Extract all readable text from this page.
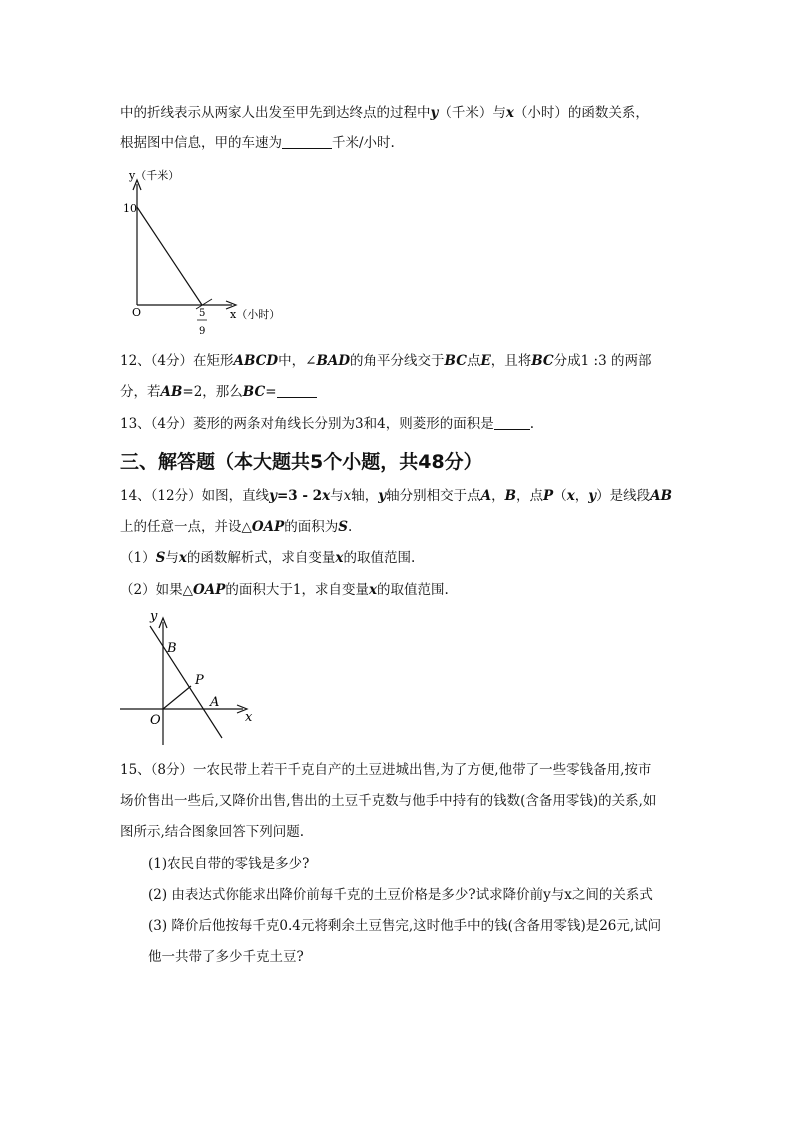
中的折线表示从两家人出发至甲先到达终点的过程中y（千米）与x（小时）的函数关系，
根据图中信息，甲的车速为	千米/小时.
y（千米）
x（小时）
O
10
5
9
12、（4分）在矩形ABCD中，∠BAD的角平分线交于BC点E，且将BC分成1 :3 的两部
分，若AB=2，那么BC=
13、（4分）菱形的两条对角线长分别为3和4，则菱形的面积是	.
三、解答题（本大题共5个小题，共48分）
14、（12分）如图，直线y=3 - 2x与x轴，y轴分别相交于点A，B，点P（x，y）是线段AB
上的任意一点，并设△OAP的面积为S.
（1）S与x的函数解析式，求自变量x的取值范围.
（2）如果△OAP的面积大于1，求自变量x的取值范围.
y
x
B
P
A
O
15、（8分）一农民带上若干千克自产的土豆进城出售,为了方便,他带了一些零钱备用,按市
场价售出一些后,又降价出售,售出的土豆千克数与他手中持有的钱数(含备用零钱)的关系,如
图所示,结合图象回答下列问题.
(1)农民自带的零钱是多少?
(2) 由表达式你能求出降价前每千克的土豆价格是多少?试求降价前y与x之间的关系式
(3) 降价后他按每千克0.4元将剩余土豆售完,这时他手中的钱(含备用零钱)是26元,试问
他一共带了多少千克土豆?
